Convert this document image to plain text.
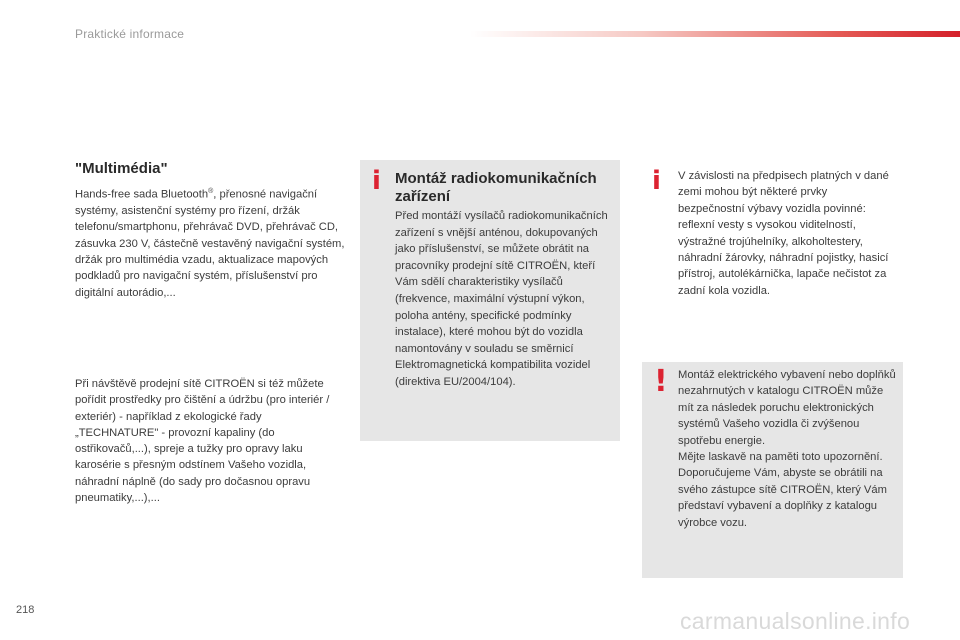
Praktické informace
"Multimédia"

Hands-free sada Bluetooth®, přenosné navigační systémy, asistenční systémy pro řízení, držák telefonu/smartphonu, přehrávač DVD, přehrávač CD, zásuvka 230 V, částečně vestavěný navigační systém, držák pro multimédia vzadu, aktualizace mapových podkladů pro navigační systém, příslušenství pro digitální autorádio,...

Při návštěvě prodejní sítě CITROËN si též můžete pořídit prostředky pro čištění a údržbu (pro interiér / exteriér) - například z ekologické řady „TECHNATURE" - provozní kapaliny (do ostřikovačů,...), spreje a tužky pro opravy laku karosérie s přesným odstínem Vašeho vozidla, náhradní náplně (do sady pro dočasnou opravu pneumatiky,...),...

i Montáž radiokomunikačních zařízení
Před montáží vysílačů radiokomunikačních zařízení s vnější anténou, dokupovaných jako příslušenství, se můžete obrátit na pracovníky prodejní sítě CITROËN, kteří Vám sdělí charakteristiky vysílačů (frekvence, maximální výstupní výkon, poloha antény, specifické podmínky instalace), které mohou být do vozidla namontovány v souladu se směrnicí Elektromagnetická kompatibilita vozidel (direktiva EU/2004/104).
i V závislosti na předpisech platných v dané zemi mohou být některé prvky bezpečnostní výbavy vozidla povinné: reflexní vesty s vysokou viditelností, výstražné trojúhelníky, alkoholtestery, náhradní žárovky, náhradní pojistky, hasicí přístroj, autolékárnička, lapače nečistot za zadní kola vozidla.
! Montáž elektrického vybavení nebo doplňků nezahrnutých v katalogu CITROËN může mít za následek poruchu elektronických systémů Vašeho vozidla či zvýšenou spotřebu energie.
Mějte laskavě na paměti toto upozornění. Doporučujeme Vám, abyste se obrátili na svého zástupce sítě CITROËN, který Vám představí vybavení a doplňky z katalogu výrobce vozu.
218	carmanualsonline.info
